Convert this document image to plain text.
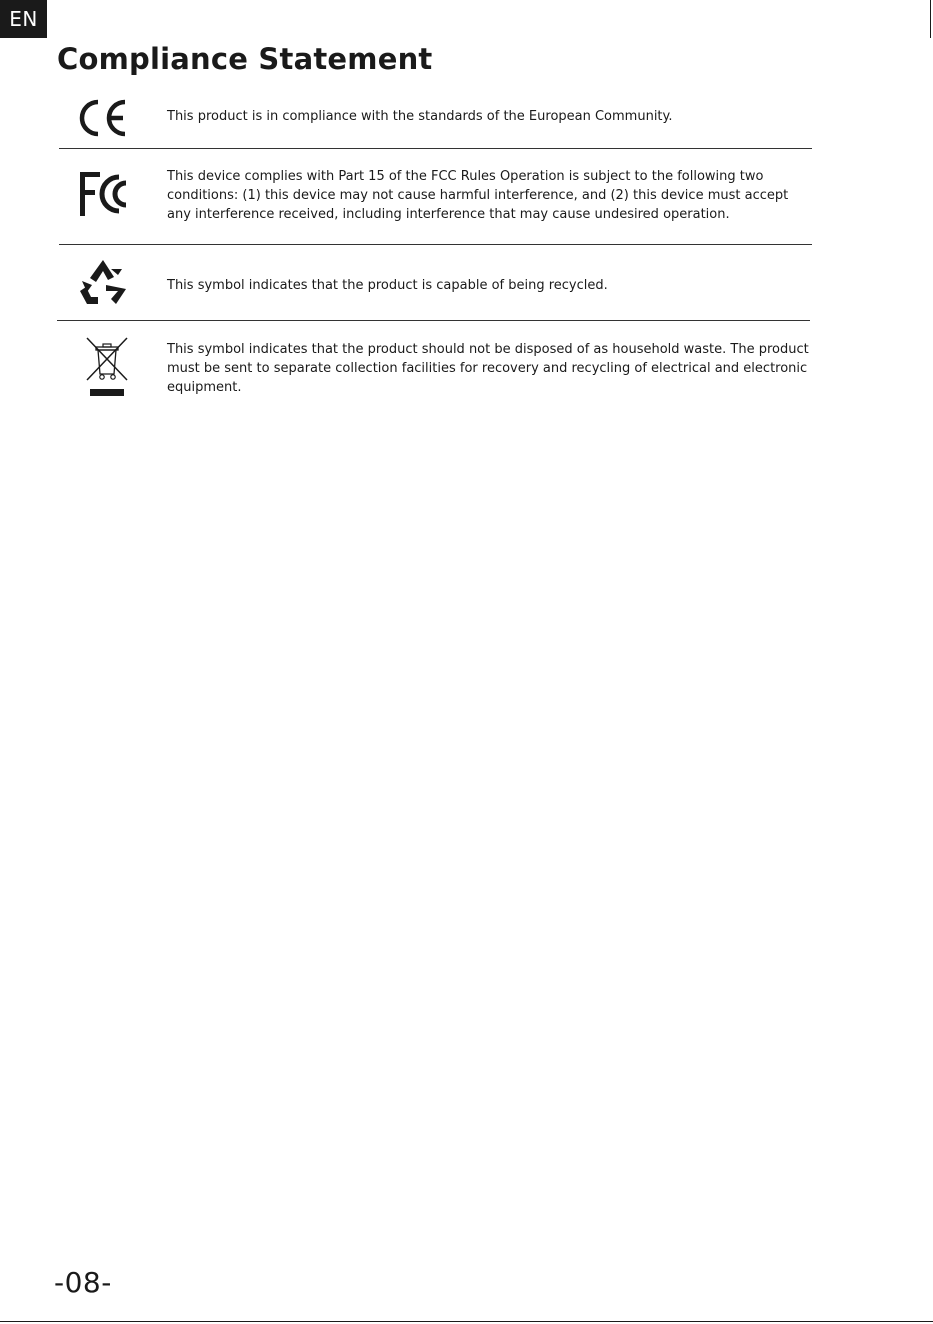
EN
Compliance Statement

This product is in compliance with the standards of the European Community.

This device complies with Part 15 of the FCC Rules Operation is subject to the following two conditions: (1) this device may not cause harmful interference, and (2) this device must accept any interference received, including interference that may cause undesired operation.

This symbol indicates that the product is capable of being recycled.

This symbol indicates that the product should not be disposed of as household waste. The product must be sent to separate collection facilities for recovery and recycling of electrical and electronic equipment.

-08-
